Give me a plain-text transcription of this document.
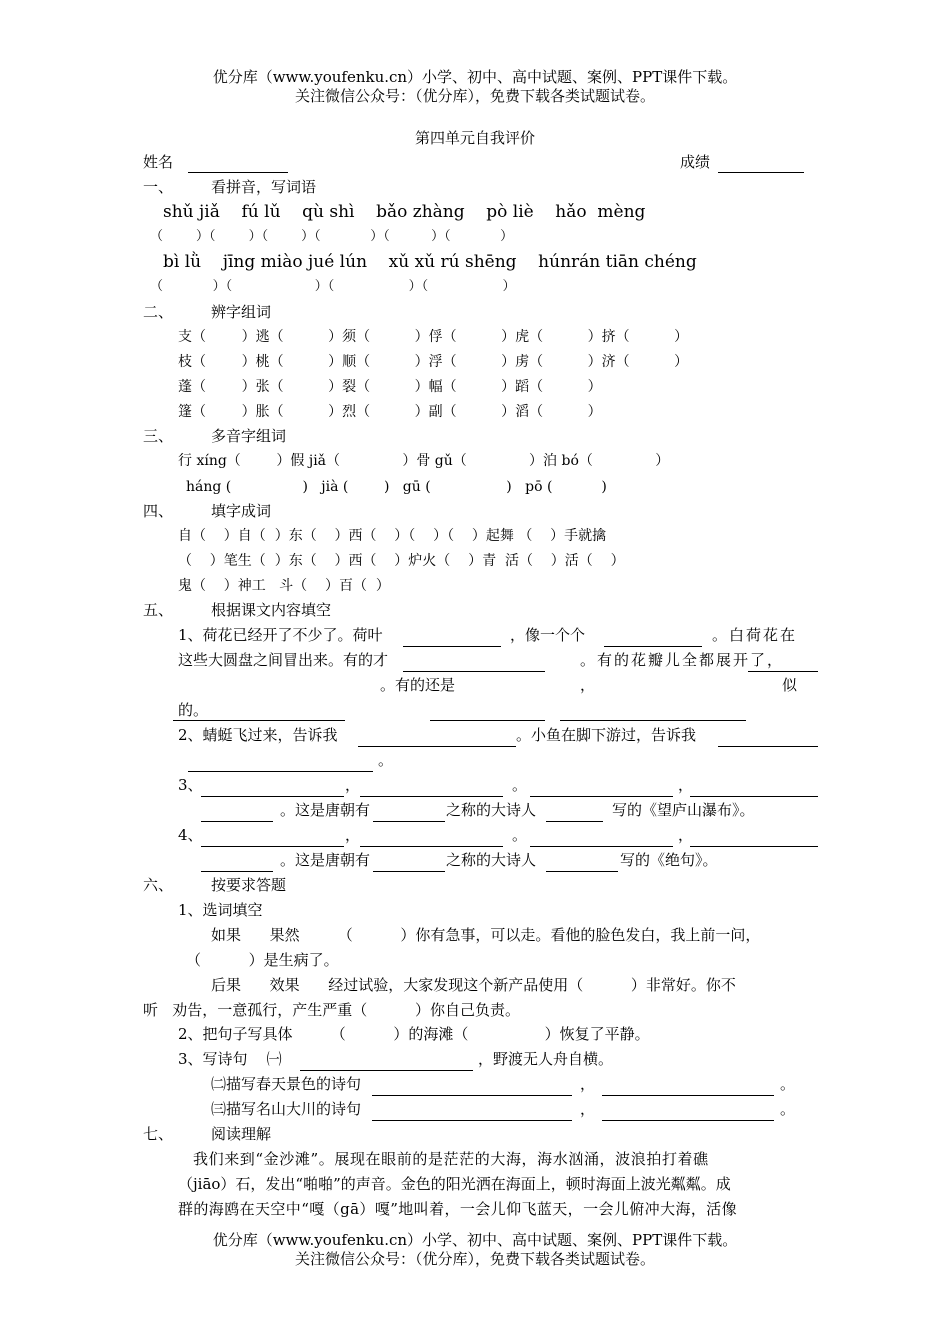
优分库（www.youfenku.cn）小学、初中、高中试题、案例、PPT课件下载。
关注微信公众号：（优分库），免费下载各类试题试卷。
第四单元自我评价
姓名	成绩
一、	看拼音，写词语
shǔ jiǎ    fú lǔ    qù shì    bǎo zhàng    pò liè    hǎo  mèng
（        ）（        ）（        ）（            ）（          ）（            ）
bì lǜ    jīng miào jué lún    xǔ xǔ rú shēng    húnrán tiān chéng
（            ）（                    ）（                  ）（                  ）
二、	辨字组词
支（        ）逃（          ）须（          ）俘（          ）虎（          ）挤（          ）
枝（        ）桃（          ）顺（          ）浮（          ）虏（          ）济（          ）
蓬（        ）张（          ）裂（          ）幅（          ）蹈（          ）
篷（        ）胀（          ）烈（          ）副（          ）滔（          ）
三、	多音字组词
行 xíng（        ）假 jiǎ（              ）骨 gǔ（              ）泊 bó（              ）
háng (                )   jià (        )   gū (                 )   pō (           )
四、	填字成词
自（    ）自（  ）东（    ）西（    ）（    ）（    ）起舞 （    ）手就擒
（    ）笔生（  ）东（    ）西（    ）炉火（    ）青  活（    ）活（    ）
鬼（    ）神工   斗（    ）百（  ）
五、	根据课文内容填空
1、荷花已经开了不少了。荷叶	，像一个个	。白荷花在
这些大圆盘之间冒出来。有的才	。有的花瓣儿全都展开了，
。有的还是	，	似
的。
2、蜻蜓飞过来，告诉我	。小鱼在脚下游过，告诉我
。
3、	，	。	，
。这是唐朝有	之称的大诗人	写的《望庐山瀑布》。
4、	，	。	，
。这是唐朝有	之称的大诗人	写的《绝句》。
六、	按要求答题
1、选词填空
如果      果然        （          ）你有急事，可以走。看他的脸色发白，我上前一问，
（          ）是生病了。
后果      效果      经过试验，大家发现这个新产品使用（          ）非常好。你不
听   劝告，一意孤行，产生严重（          ）你自己负责。
2、把句子写具体        （          ）的海滩（                ）恢复了平静。
3、写诗句    ㈠	，野渡无人舟自横。
㈡描写春天景色的诗句	，	。
㈢描写名山大川的诗句	，	。
七、	阅读理解
我们来到“金沙滩”。展现在眼前的是茫茫的大海，海水汹涌，波浪拍打着礁
（jiāo）石，发出“啪啪”的声音。金色的阳光洒在海面上，顿时海面上波光粼粼。成
群的海鸥在天空中“嘎（gā）嘎”地叫着，一会儿仰飞蓝天，一会儿俯冲大海，活像
优分库（www.youfenku.cn）小学、初中、高中试题、案例、PPT课件下载。
关注微信公众号：（优分库），免费下载各类试题试卷。
